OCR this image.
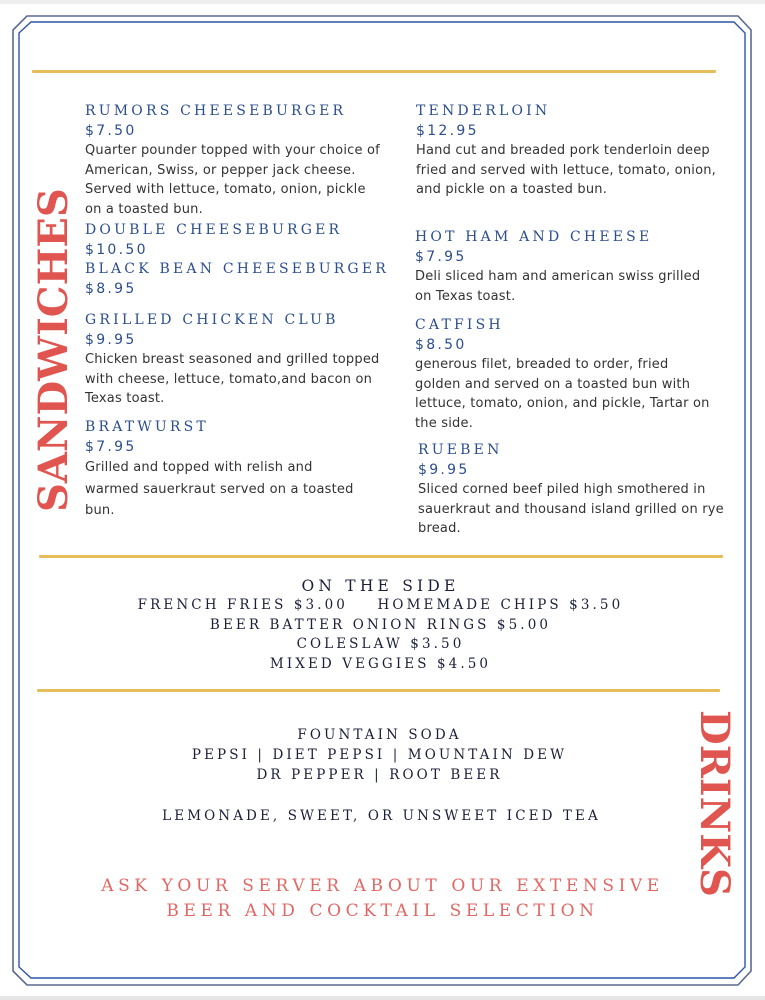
SANDWICHES
DRINKS
RUMORS CHEESEBURGER
$7.50
Quarter pounder topped with your choice of American, Swiss, or pepper jack cheese. Served with lettuce, tomato, onion, pickle on a toasted bun.
DOUBLE CHEESEBURGER
$10.50
BLACK BEAN CHEESEBURGER
$8.95
GRILLED CHICKEN CLUB
$9.95
Chicken breast seasoned and grilled topped with cheese, lettuce, tomato,and bacon on Texas toast.
BRATWURST
$7.95
Grilled and topped with relish and warmed sauerkraut served on a toasted bun.
TENDERLOIN
$12.95
Hand cut and breaded pork tenderloin deep fried and served with lettuce, tomato, onion, and pickle on a toasted bun.
HOT HAM AND CHEESE
$7.95
Deli sliced ham and american swiss grilled on Texas toast.
CATFISH
$8.50
generous filet, breaded to order, fried golden and served on a toasted bun with lettuce, tomato, onion, and pickle, Tartar on the side.
RUEBEN
$9.95
Sliced corned beef piled high smothered in sauerkraut and thousand island grilled on rye bread.
ON THE SIDE
FRENCH FRIES $3.00    HOMEMADE CHIPS $3.50
BEER BATTER ONION RINGS $5.00
COLESLAW $3.50
MIXED VEGGIES $4.50
FOUNTAIN SODA
PEPSI | DIET PEPSI | MOUNTAIN DEW
DR PEPPER | ROOT BEER
LEMONADE, SWEET, OR UNSWEET ICED TEA
ASK YOUR SERVER ABOUT OUR EXTENSIVE
BEER AND COCKTAIL SELECTION
